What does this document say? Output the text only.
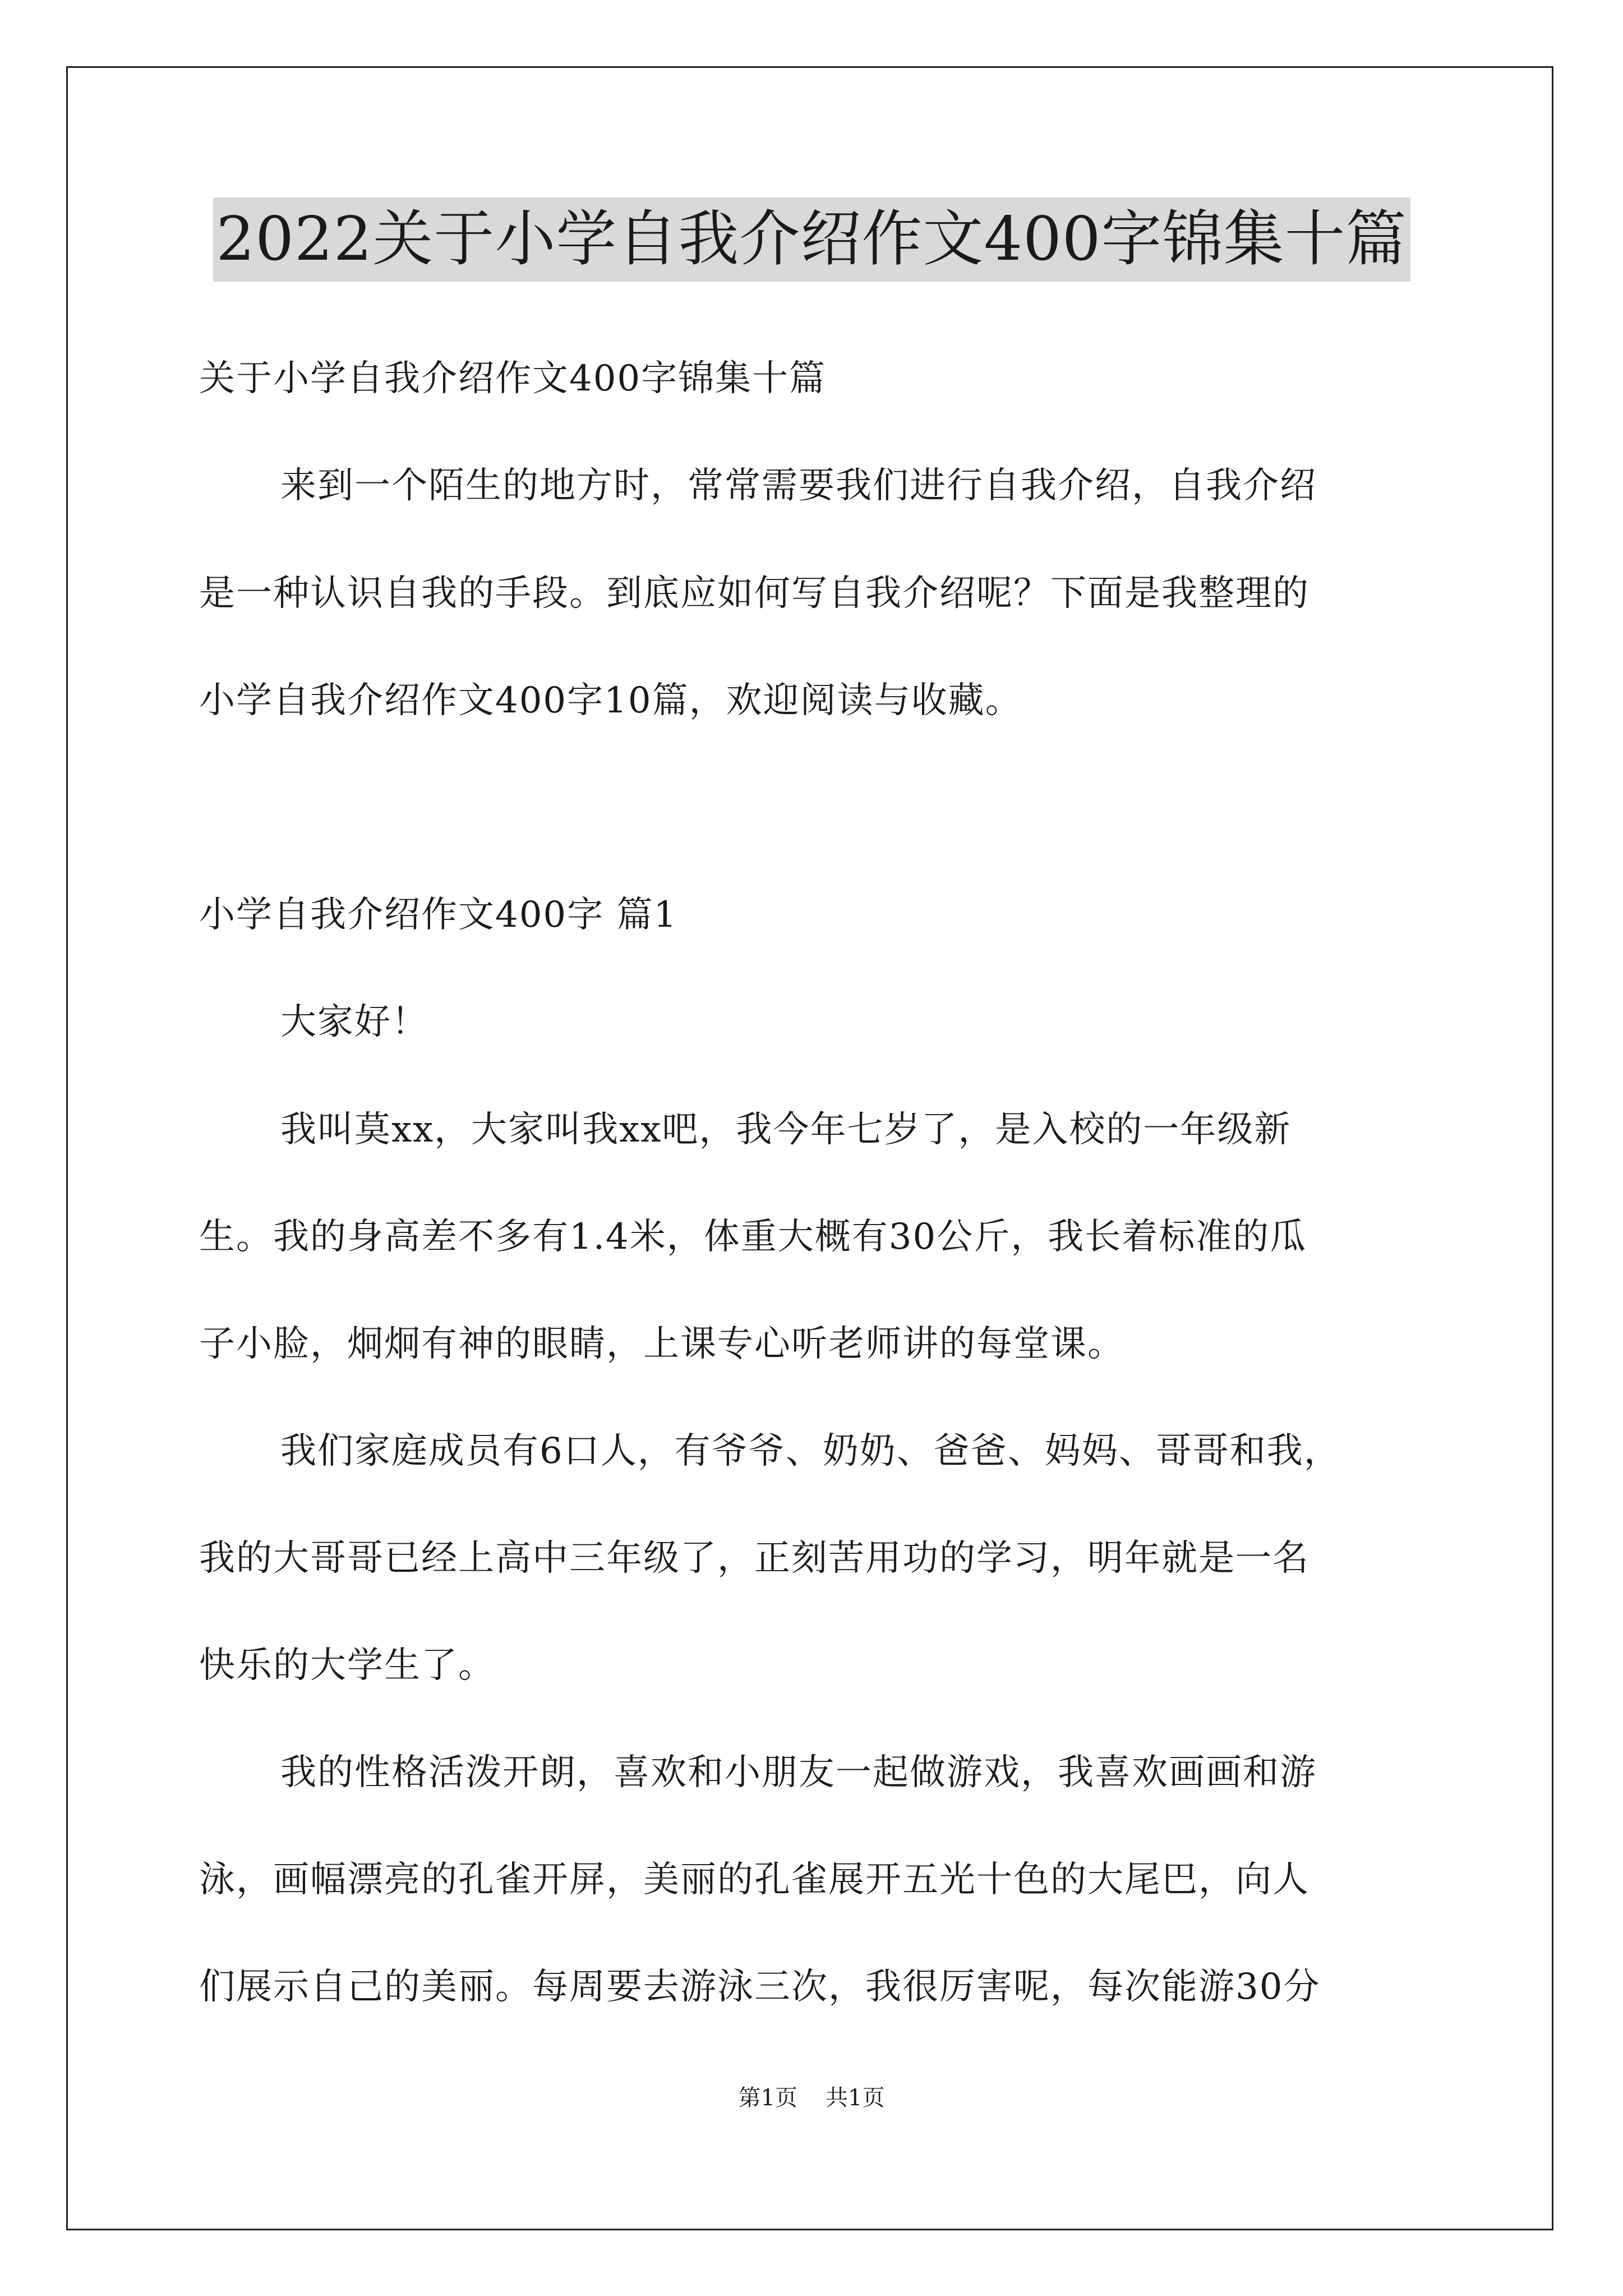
2022关于小学自我介绍作文400字锦集十篇
关于小学自我介绍作文400字锦集十篇
来到一个陌生的地方时，常常需要我们进行自我介绍，自我介绍
是一种认识自我的手段。到底应如何写自我介绍呢？下面是我整理的
小学自我介绍作文400字10篇，欢迎阅读与收藏。
小学自我介绍作文400字 篇1
大家好！
我叫莫xx，大家叫我xx吧，我今年七岁了，是入校的一年级新
生。我的身高差不多有1.4米，体重大概有30公斤，我长着标准的瓜
子小脸，炯炯有神的眼睛，上课专心听老师讲的每堂课。
我们家庭成员有6口人，有爷爷、奶奶、爸爸、妈妈、哥哥和我，
我的大哥哥已经上高中三年级了，正刻苦用功的学习，明年就是一名
快乐的大学生了。
我的性格活泼开朗，喜欢和小朋友一起做游戏，我喜欢画画和游
泳，画幅漂亮的孔雀开屏，美丽的孔雀展开五光十色的大尾巴，向人
们展示自己的美丽。每周要去游泳三次，我很厉害呢，每次能游30分
第1页 共1页
